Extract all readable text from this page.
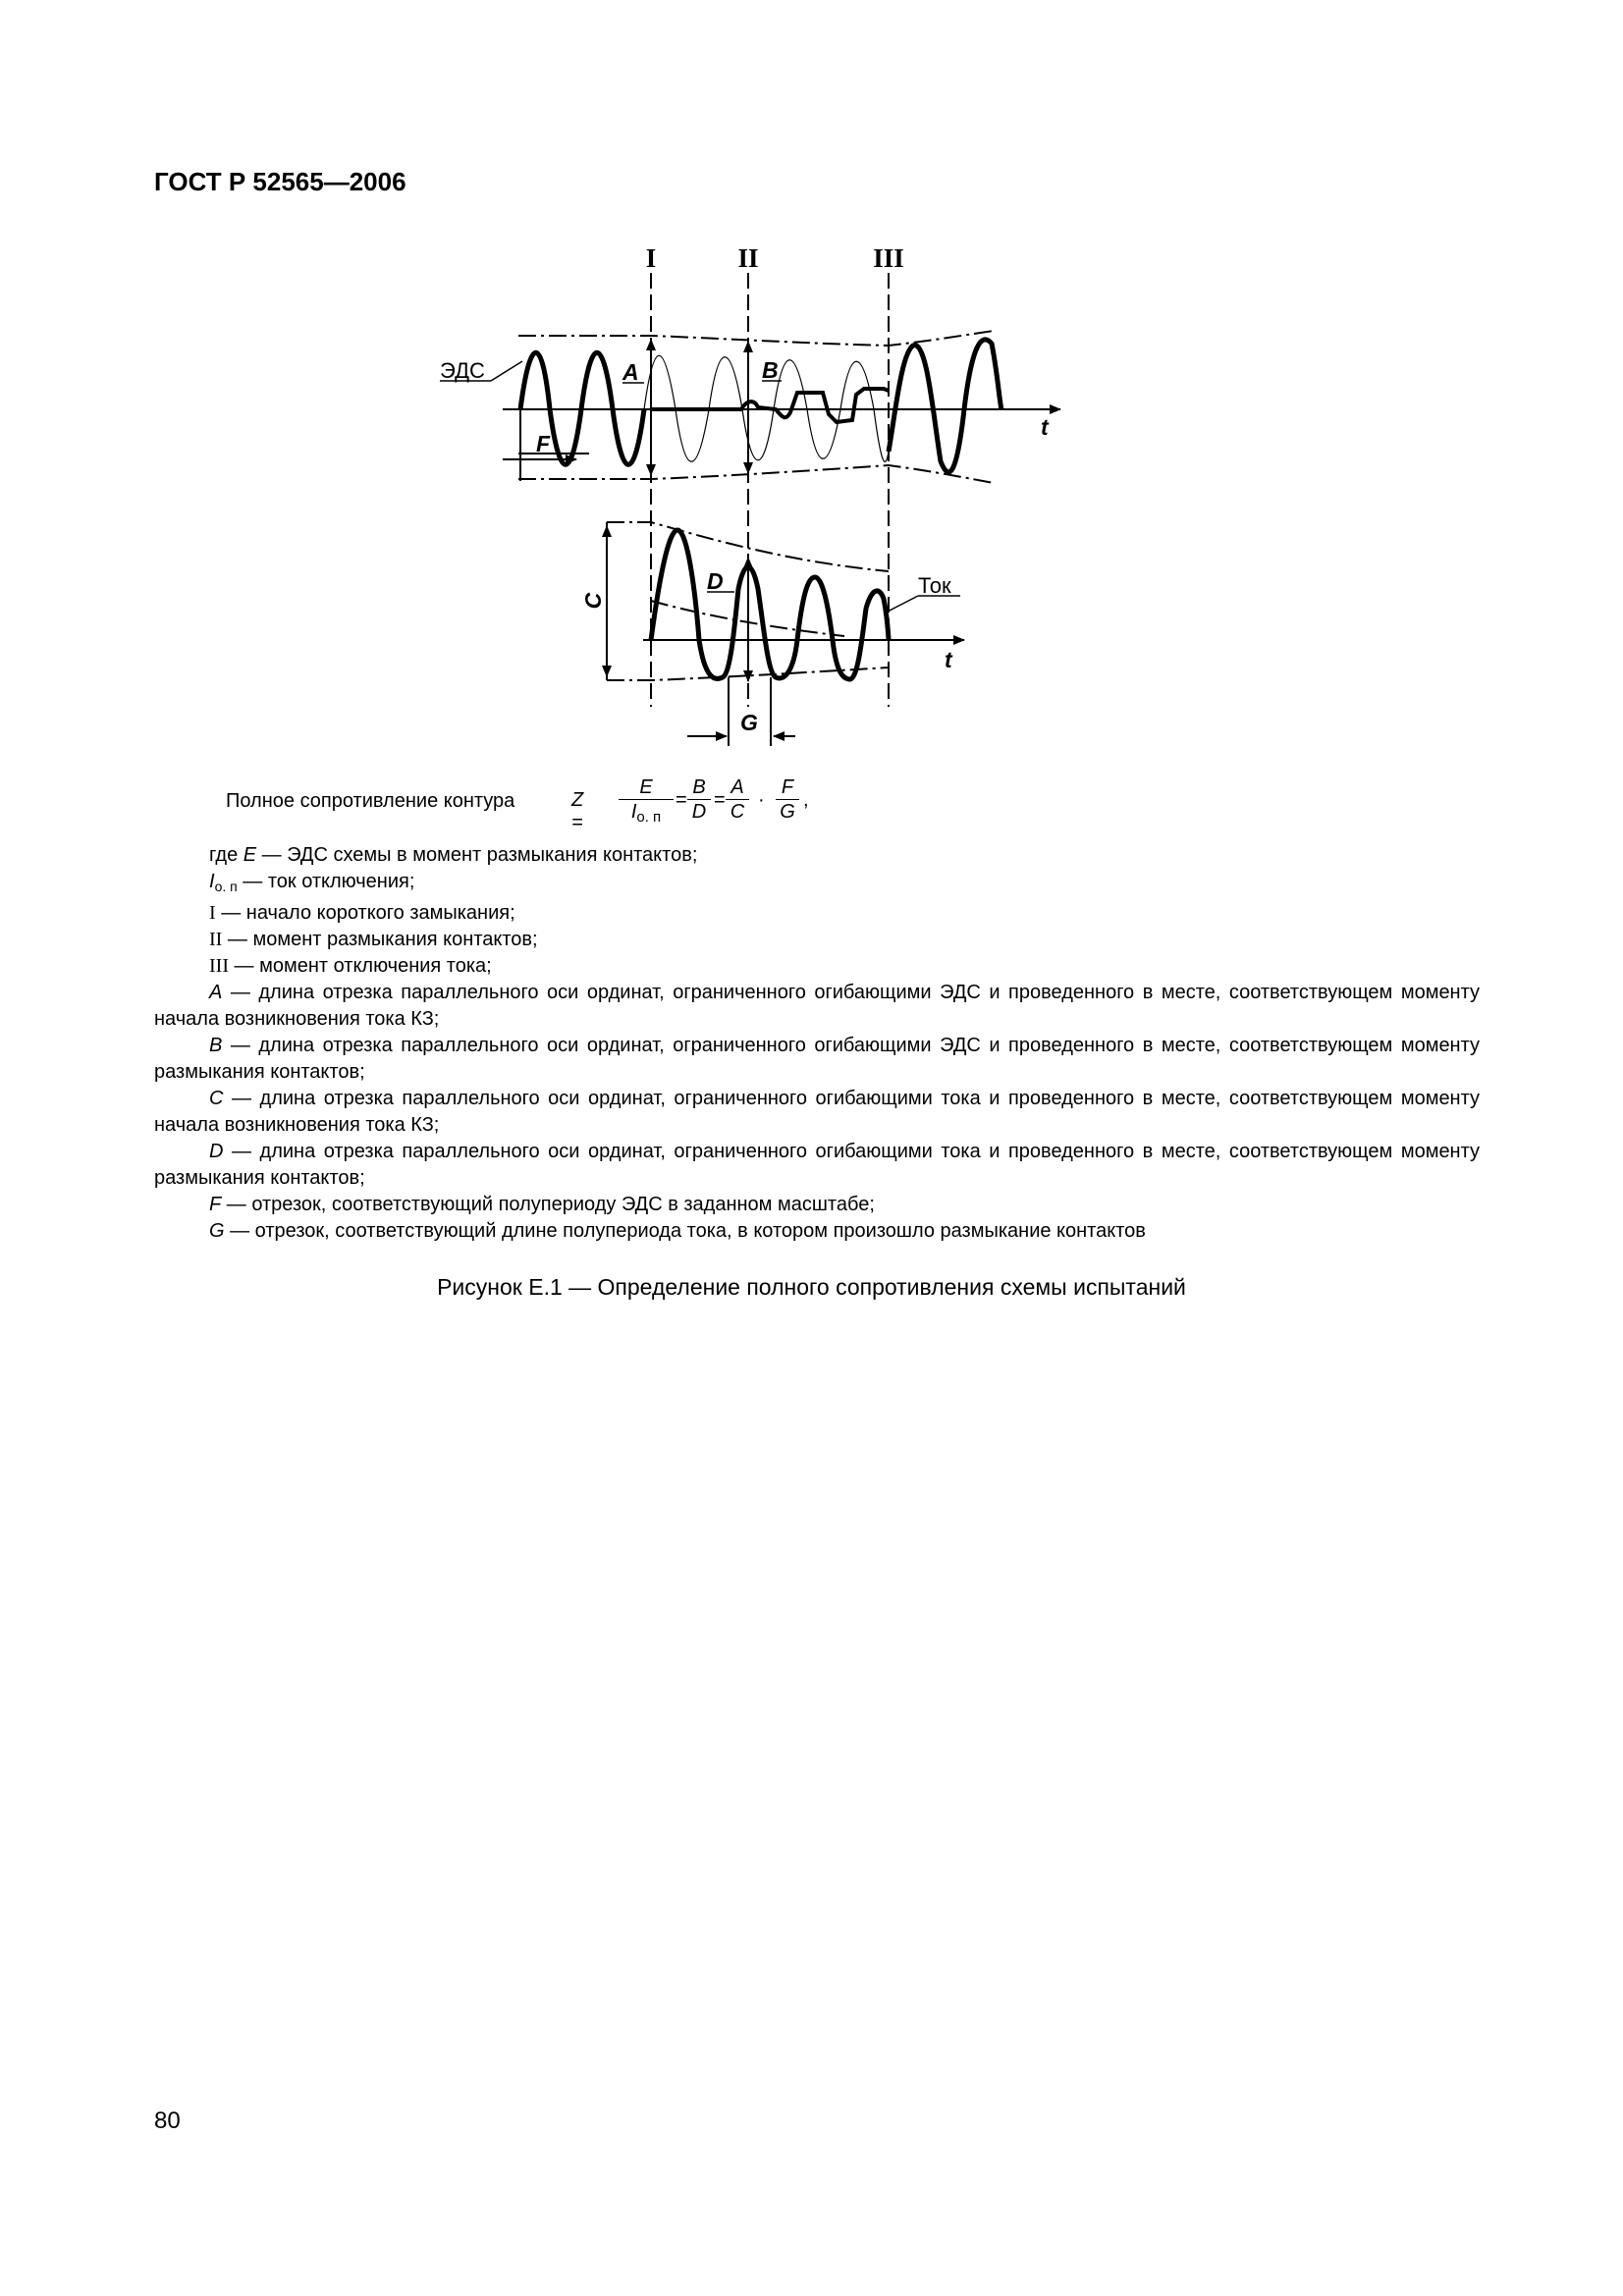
ГОСТ Р 52565—2006
I	II	III
ЭДС	A	B
F
t
C
D	Ток
t
G
Полное сопротивление контура	Z =
E
$I_{о. п}$
= $\frac{B}{D} = \frac{A}{C} \cdot \frac{F}{G}$ ,

где E — ЭДС схемы в момент размыкания контактов;

$I_{о. п}$ — ток отключения;

I — начало короткого замыкания;

II — момент размыкания контактов;

III — момент отключения тока;

A — длина отрезка параллельного оси ординат, ограниченного огибающими ЭДС и проведенного в месте, соответствующем моменту начала возникновения тока КЗ;

B — длина отрезка параллельного оси ординат, ограниченного огибающими ЭДС и проведенного в месте, соответствующем моменту размыкания контактов;

C — длина отрезка параллельного оси ординат, ограниченного огибающими тока и проведенного в месте, соответствующем моменту начала возникновения тока КЗ;

D — длина отрезка параллельного оси ординат, ограниченного огибающими тока и проведенного в месте, соответствующем моменту размыкания контактов;

F — отрезок, соответствующий полупериоду ЭДС в заданном масштабе;

G — отрезок, соответствующий длине полупериода тока, в котором произошло размыкание контактов

Рисунок Е.1 — Определение полного сопротивления схемы испытаний
80
